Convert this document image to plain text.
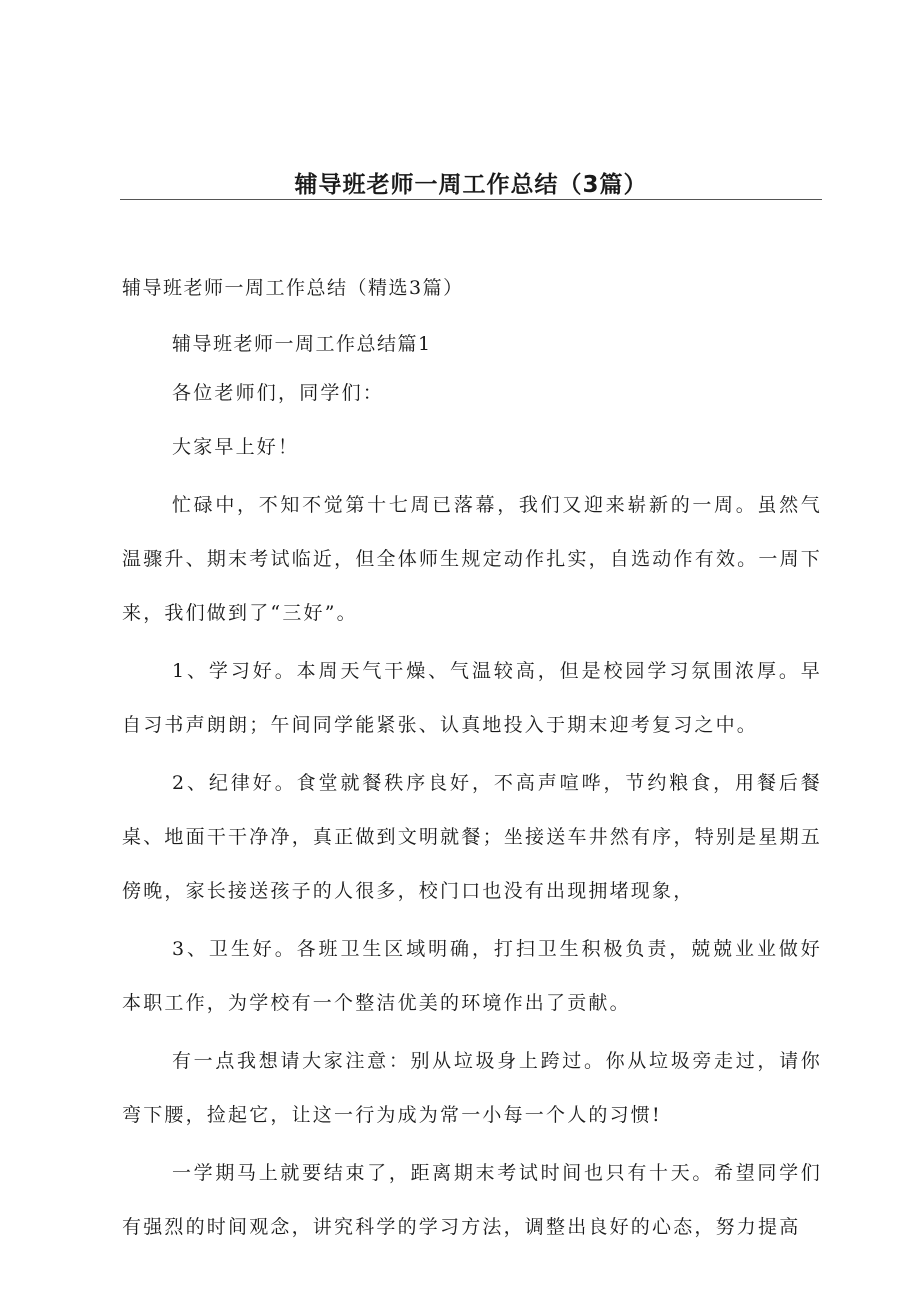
辅导班老师一周工作总结（3篇）

辅导班老师一周工作总结（精选3篇）

辅导班老师一周工作总结篇1

各位老师们，同学们：

大家早上好！

忙碌中，不知不觉第十七周已落幕，我们又迎来崭新的一周。虽然气温骤升、期末考试临近，但全体师生规定动作扎实，自选动作有效。一周下来，我们做到了“三好”。

1、学习好。本周天气干燥、气温较高，但是校园学习氛围浓厚。早自习书声朗朗；午间同学能紧张、认真地投入于期末迎考复习之中。

2、纪律好。食堂就餐秩序良好，不高声喧哗，节约粮食，用餐后餐桌、地面干干净净，真正做到文明就餐；坐接送车井然有序，特别是星期五傍晚，家长接送孩子的人很多，校门口也没有出现拥堵现象，

3、卫生好。各班卫生区域明确，打扫卫生积极负责，兢兢业业做好本职工作，为学校有一个整洁优美的环境作出了贡献。

有一点我想请大家注意：别从垃圾身上跨过。你从垃圾旁走过，请你弯下腰，捡起它，让这一行为成为常一小每一个人的习惯!

一学期马上就要结束了，距离期末考试时间也只有十天。希望同学们有强烈的时间观念，讲究科学的学习方法，调整出良好的心态，努力提高
